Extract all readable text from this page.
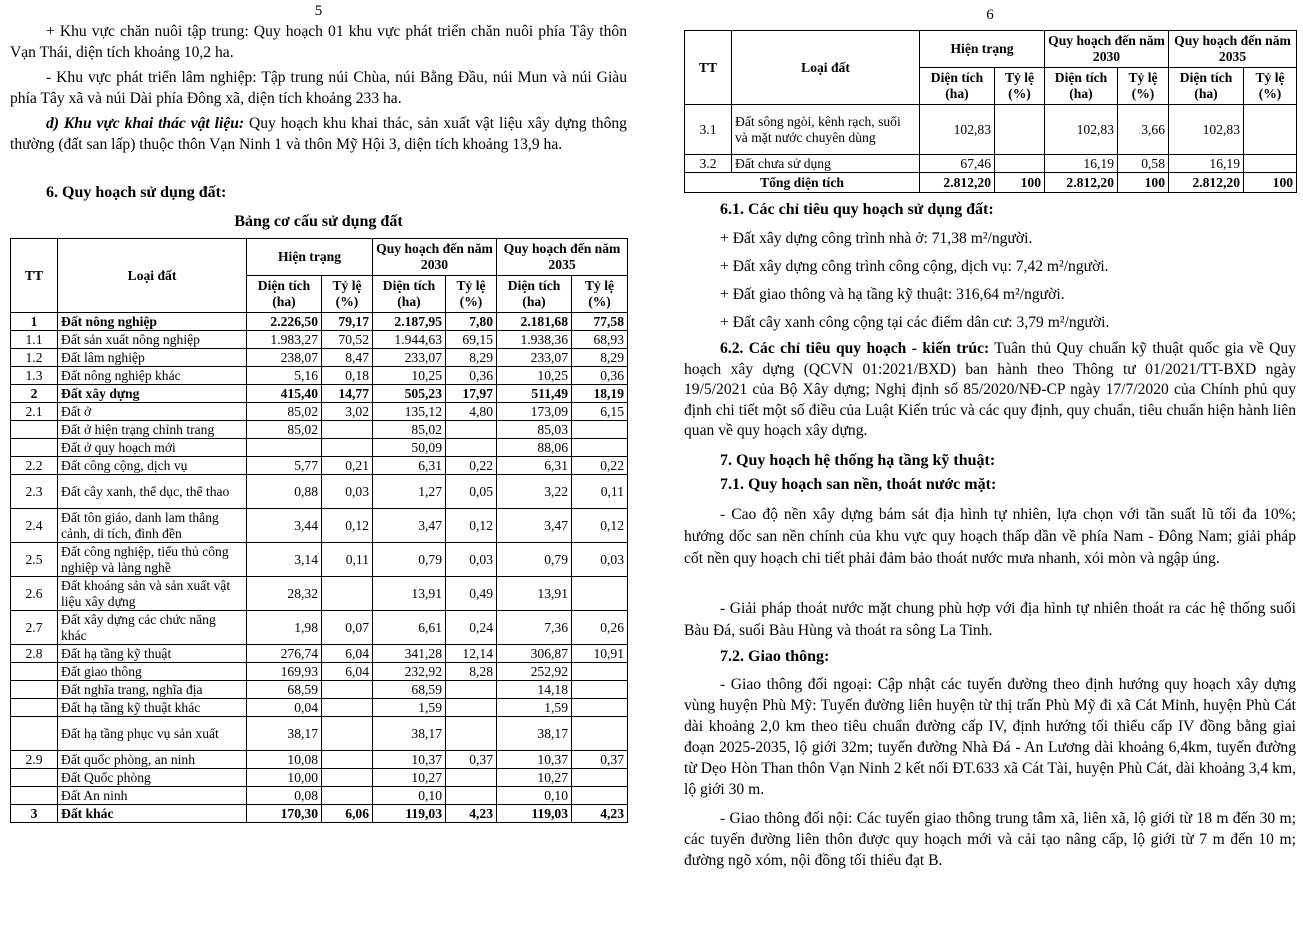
5

+ Khu vực chăn nuôi tập trung: Quy hoạch 01 khu vực phát triển chăn nuôi phía Tây thôn Vạn Thái, diện tích khoảng 10,2 ha.

- Khu vực phát triển lâm nghiệp: Tập trung núi Chùa, núi Bằng Đầu, núi Mun và núi Giàu phía Tây xã và núi Dài phía Đông xã, diện tích khoảng 233 ha.

d) Khu vực khai thác vật liệu: Quy hoạch khu khai thác, sản xuất vật liệu xây dựng thông thường (đất san lấp) thuộc thôn Vạn Ninh 1 và thôn Mỹ Hội 3, diện tích khoảng 13,9 ha.

6. Quy hoạch sử dụng đất:
Bảng cơ cấu sử dụng đất
TT	Loại đất	Hiện trạng		Quy hoạch đến năm 2030		Quy hoạch đến năm 2035	
		Diện tích (ha)	Tỷ lệ (%)	Diện tích (ha)	Tỷ lệ (%)	Diện tích (ha)	Tỷ lệ (%)
1	Đất nông nghiệp	2.226,50	79,17	2.187,95	7,80	2.181,68	77,58
1.1	Đất sản xuất nông nghiệp	1.983,27	70,52	1.944,63	69,15	1.938,36	68,93
1.2	Đất lâm nghiệp	238,07	8,47	233,07	8,29	233,07	8,29
1.3	Đất nông nghiệp khác	5,16	0,18	10,25	0,36	10,25	0,36
2	Đất xây dựng	415,40	14,77	505,23	17,97	511,49	18,19
2.1	Đất ở	85,02	3,02	135,12	4,80	173,09	6,15
	Đất ở hiện trạng chỉnh trang	85,02		85,02		85,03	
	Đất ở quy hoạch mới			50,09		88,06	
2.2	Đất công cộng, dịch vụ	5,77	0,21	6,31	0,22	6,31	0,22
2.3	Đất cây xanh, thể dục, thể thao	0,88	0,03	1,27	0,05	3,22	0,11
2.4	Đất tôn giáo, danh lam thắng cảnh, di tích, đình đền	3,44	0,12	3,47	0,12	3,47	0,12
2.5	Đất công nghiệp, tiểu thủ công nghiệp và làng nghề	3,14	0,11	0,79	0,03	0,79	0,03
2.6	Đất khoáng sản và sản xuất vật liệu xây dựng	28,32		13,91	0,49	13,91	
2.7	Đất xây dựng các chức năng khác	1,98	0,07	6,61	0,24	7,36	0,26
2.8	Đất hạ tầng kỹ thuật	276,74	6,04	341,28	12,14	306,87	10,91
	Đất giao thông	169,93	6,04	232,92	8,28	252,92	
	Đất nghĩa trang, nghĩa địa	68,59		68,59		14,18	
	Đất hạ tầng kỹ thuật khác	0,04		1,59		1,59	
	Đất hạ tầng phục vụ sản xuất	38,17		38,17		38,17	
2.9	Đất quốc phòng, an ninh	10,08		10,37	0,37	10,37	0,37
	Đất Quốc phòng	10,00		10,27		10,27	
	Đất An ninh	0,08		0,10		0,10	
3	Đất khác	170,30	6,06	119,03	4,23	119,03	4,23
6
TT	Loại đất	Hiện trạng		Quy hoạch đến năm 2030		Quy hoạch đến năm 2035	
		Diện tích (ha)	Tỷ lệ (%)	Diện tích (ha)	Tỷ lệ (%)	Diện tích (ha)	Tỷ lệ (%)
3.1	Đất sông ngòi, kênh rạch, suối và mặt nước chuyên dùng	102,83		102,83	3,66	102,83	
3.2	Đất chưa sử dụng	67,46		16,19	0,58	16,19	
Tổng diện tích		2.812,20	100	2.812,20	100	2.812,20	100
6.1. Các chỉ tiêu quy hoạch sử dụng đất:

+ Đất xây dựng công trình nhà ở: 71,38 m²/người.

+ Đất xây dựng công trình công cộng, dịch vụ: 7,42 m²/người.

+ Đất giao thông và hạ tầng kỹ thuật: 316,64 m²/người.

+ Đất cây xanh công cộng tại các điểm dân cư: 3,79 m²/người.

6.2. Các chỉ tiêu quy hoạch - kiến trúc: Tuân thủ Quy chuẩn kỹ thuật quốc gia về Quy hoạch xây dựng (QCVN 01:2021/BXD) ban hành theo Thông tư 01/2021/TT-BXD ngày 19/5/2021 của Bộ Xây dựng; Nghị định số 85/2020/NĐ-CP ngày 17/7/2020 của Chính phủ quy định chi tiết một số điều của Luật Kiến trúc và các quy định, quy chuẩn, tiêu chuẩn hiện hành liên quan về quy hoạch xây dựng.

7. Quy hoạch hệ thống hạ tầng kỹ thuật:
7.1. Quy hoạch san nền, thoát nước mặt:

- Cao độ nền xây dựng bám sát địa hình tự nhiên, lựa chọn với tần suất lũ tối đa 10%; hướng dốc san nền chính của khu vực quy hoạch thấp dần về phía Nam - Đông Nam; giải pháp cốt nền quy hoạch chi tiết phải đảm bảo thoát nước mưa nhanh, xói mòn và ngập úng.

- Giải pháp thoát nước mặt chung phù hợp với địa hình tự nhiên thoát ra các hệ thống suối Bàu Đá, suối Bàu Hùng và thoát ra sông La Tinh.

7.2. Giao thông:

- Giao thông đối ngoại: Cập nhật các tuyến đường theo định hướng quy hoạch xây dựng vùng huyện Phù Mỹ: Tuyến đường liên huyện từ thị trấn Phù Mỹ đi xã Cát Minh, huyện Phù Cát dài khoảng 2,0 km theo tiêu chuẩn đường cấp IV, định hướng tối thiểu cấp IV đồng bằng giai đoạn 2025-2035, lộ giới 32m; tuyến đường Nhà Đá - An Lương dài khoảng 6,4km, tuyến đường từ Dẹo Hòn Than thôn Vạn Ninh 2 kết nối ĐT.633 xã Cát Tài, huyện Phù Cát, dài khoảng 3,4 km, lộ giới 30 m.

- Giao thông đối nội: Các tuyến giao thông trung tâm xã, liên xã, lộ giới từ 18 m đến 30 m; các tuyến đường liên thôn được quy hoạch mới và cải tạo nâng cấp, lộ giới từ 7 m đến 10 m; đường ngõ xóm, nội đồng tối thiểu đạt B.
